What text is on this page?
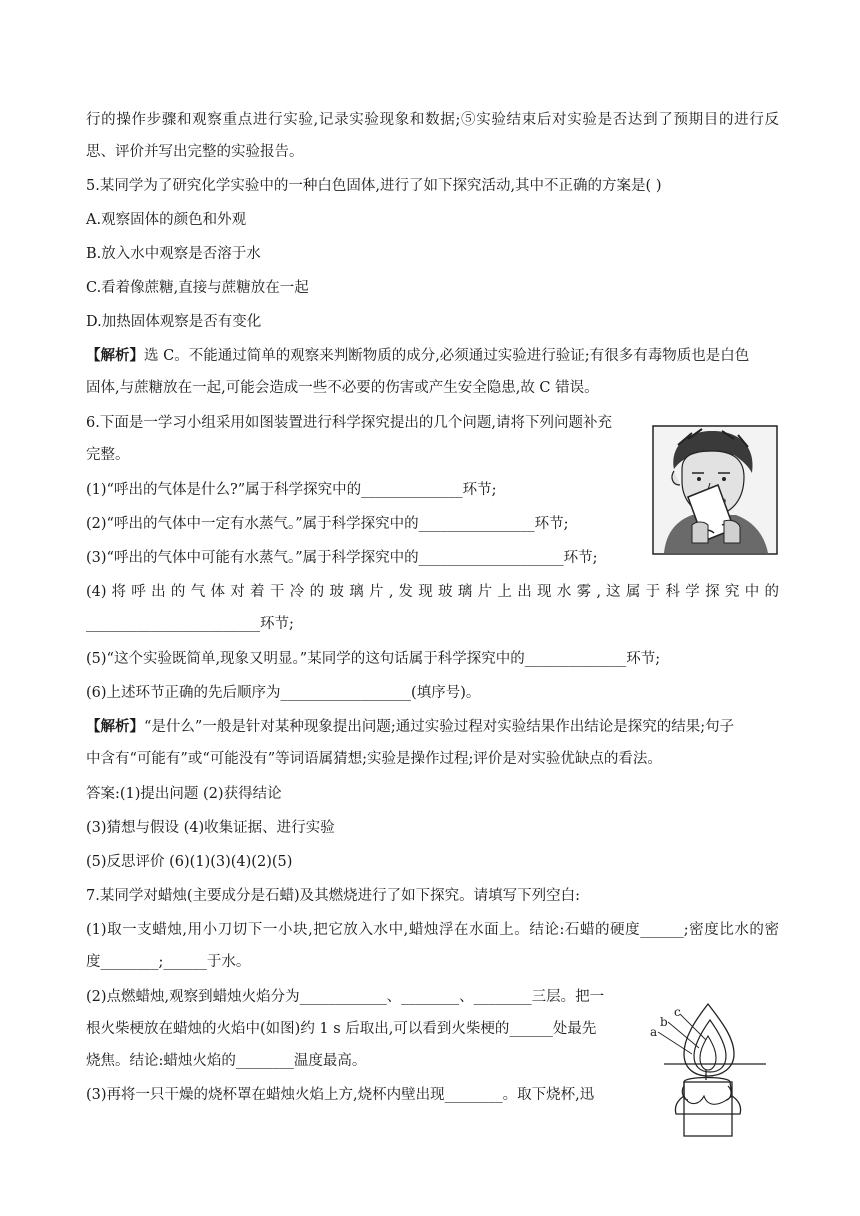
行的操作步骤和观察重点进行实验,记录实验现象和数据;⑤实验结束后对实验是否达到了预期目的进行反
思、评价并写出完整的实验报告。
5.某同学为了研究化学实验中的一种白色固体,进行了如下探究活动,其中不正确的方案是( )
A.观察固体的颜色和外观
B.放入水中观察是否溶于水
C.看着像蔗糖,直接与蔗糖放在一起
D.加热固体观察是否有变化
【解析】选 C。不能通过简单的观察来判断物质的成分,必须通过实验进行验证;有很多有毒物质也是白色
固体,与蔗糖放在一起,可能会造成一些不必要的伤害或产生安全隐患,故 C 错误。
6.下面是一学习小组采用如图装置进行科学探究提出的几个问题,请将下列问题补充
完整。
(1)“呼出的气体是什么?”属于科学探究中的______________环节;
(2)“呼出的气体中一定有水蒸气。”属于科学探究中的________________环节;
(3)“呼出的气体中可能有水蒸气。”属于科学探究中的____________________环节;
(4) 将 呼 出 的 气 体 对 着 干 冷 的 玻 璃 片 , 发 现 玻 璃 片 上 出 现 水 雾 , 这 属 于 科 学 探 究 中 的
________________________环节;
(5)“这个实验既简单,现象又明显。”某同学的这句话属于科学探究中的______________环节;
(6)上述环节正确的先后顺序为__________________(填序号)。
【解析】“是什么”一般是针对某种现象提出问题;通过实验过程对实验结果作出结论是探究的结果;句子
中含有“可能有”或“可能没有”等词语属猜想;实验是操作过程;评价是对实验优缺点的看法。
答案:(1)提出问题 (2)获得结论
(3)猜想与假设 (4)收集证据、进行实验
(5)反思评价 (6)(1)(3)(4)(2)(5)
7.某同学对蜡烛(主要成分是石蜡)及其燃烧进行了如下探究。请填写下列空白:
(1)取一支蜡烛,用小刀切下一小块,把它放入水中,蜡烛浮在水面上。结论:石蜡的硬度______;密度比水的密
度________;______于水。
(2)点燃蜡烛,观察到蜡烛火焰分为____________、________、________三层。把一
根火柴梗放在蜡烛的火焰中(如图)约 1 s 后取出,可以看到火柴梗的______处最先
烧焦。结论:蜡烛火焰的________温度最高。
(3)再将一只干燥的烧杯罩在蜡烛火焰上方,烧杯内壁出现________。取下烧杯,迅
a
b
c
